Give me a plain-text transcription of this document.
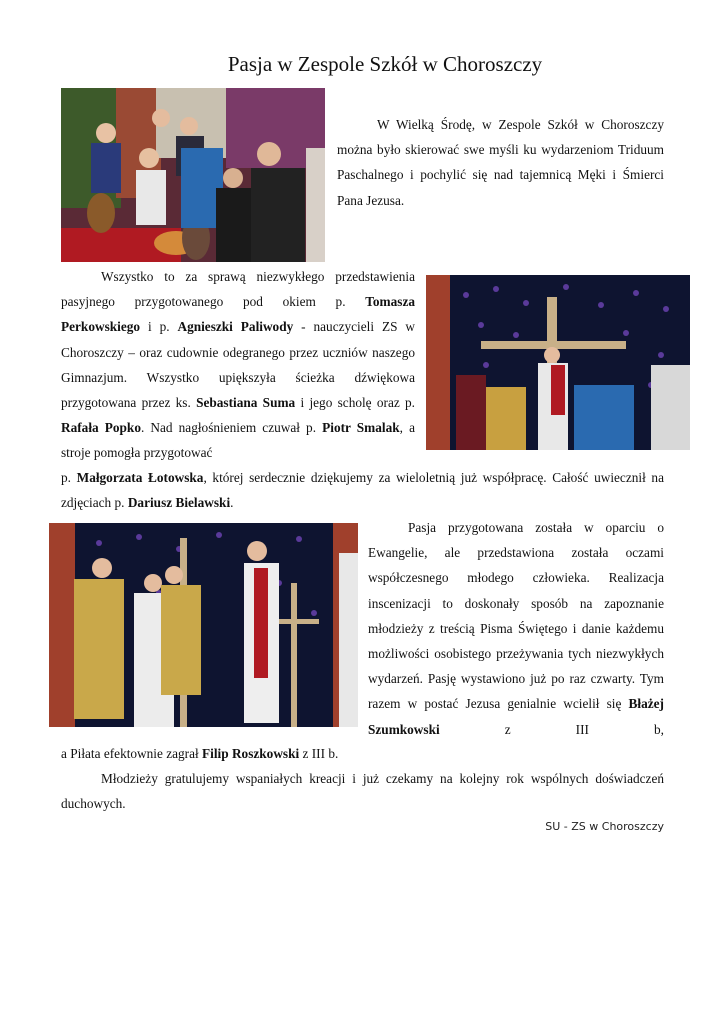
Pasja w Zespole Szkół w Choroszczy

W Wielką Środę, w Zespole Szkół w Choroszczy można było skierować swe myśli ku wydarzeniom Triduum Paschalnego i pochylić się nad tajemnicą Męki i Śmierci Pana Jezusa.

Wszystko to za sprawą niezwykłego przedstawienia pasyjnego przygotowanego pod okiem p. Tomasza Perkowskiego i p. Agnieszki Paliwody - nauczycieli ZS w Choroszczy – oraz cudownie odegranego przez uczniów naszego Gimnazjum. Wszystko upiększyła ścieżka dźwiękowa przygotowana przez ks. Sebastiana Suma i jego scholę oraz p. Rafała Popko. Nad nagłośnieniem czuwał p. Piotr Smalak, a stroje pomogła przygotować

p. Małgorzata Łotowska, której serdecznie dziękujemy za wieloletnią już współpracę. Całość uwiecznił na zdjęciach p. Dariusz Bielawski.

Pasja przygotowana została w oparciu o Ewangelie, ale przedstawiona została oczami współczesnego młodego człowieka. Realizacja inscenizacji to doskonały sposób na zapoznanie młodzieży z treścią Pisma Świętego i danie każdemu możliwości osobistego przeżywania tych niezwykłych wydarzeń. Pasję wystawiono już po raz czwarty. Tym razem w postać Jezusa genialnie wcielił się Błażej Szumkowski z III b,

a Piłata efektownie zagrał Filip Roszkowski z III b.

Młodzieży gratulujemy wspaniałych kreacji i już czekamy na kolejny rok wspólnych doświadczeń duchowych.

SU - ZS w Choroszczy
